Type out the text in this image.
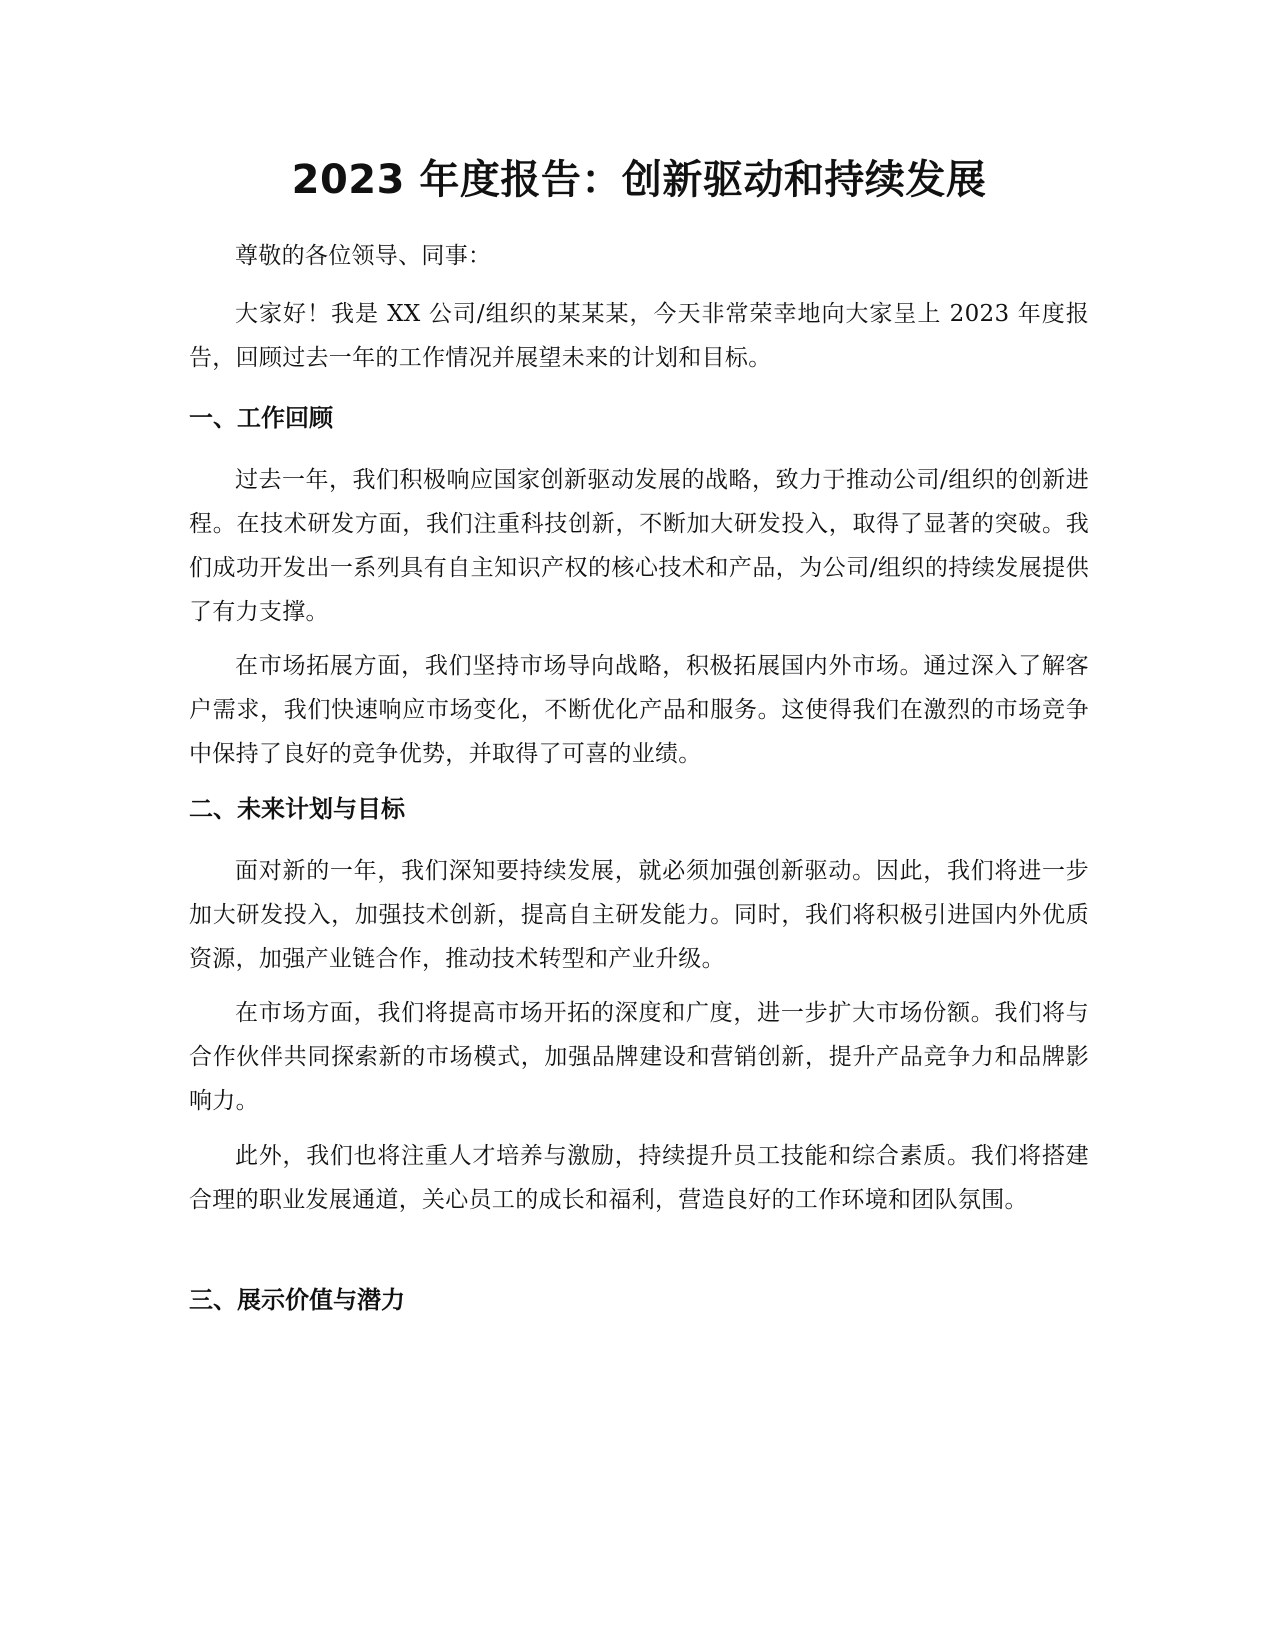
2023 年度报告：创新驱动和持续发展

尊敬的各位领导、同事：

大家好！我是 XX 公司/组织的某某某，今天非常荣幸地向大家呈上 2023 年度报告，回顾过去一年的工作情况并展望未来的计划和目标。

一、工作回顾

过去一年，我们积极响应国家创新驱动发展的战略，致力于推动公司/组织的创新进程。在技术研发方面，我们注重科技创新，不断加大研发投入，取得了显著的突破。我们成功开发出一系列具有自主知识产权的核心技术和产品，为公司/组织的持续发展提供了有力支撑。

在市场拓展方面，我们坚持市场导向战略，积极拓展国内外市场。通过深入了解客户需求，我们快速响应市场变化，不断优化产品和服务。这使得我们在激烈的市场竞争中保持了良好的竞争优势，并取得了可喜的业绩。

二、未来计划与目标

面对新的一年，我们深知要持续发展，就必须加强创新驱动。因此，我们将进一步加大研发投入，加强技术创新，提高自主研发能力。同时，我们将积极引进国内外优质资源，加强产业链合作，推动技术转型和产业升级。

在市场方面，我们将提高市场开拓的深度和广度，进一步扩大市场份额。我们将与合作伙伴共同探索新的市场模式，加强品牌建设和营销创新，提升产品竞争力和品牌影响力。

此外，我们也将注重人才培养与激励，持续提升员工技能和综合素质。我们将搭建合理的职业发展通道，关心员工的成长和福利，营造良好的工作环境和团队氛围。

三、展示价值与潜力
